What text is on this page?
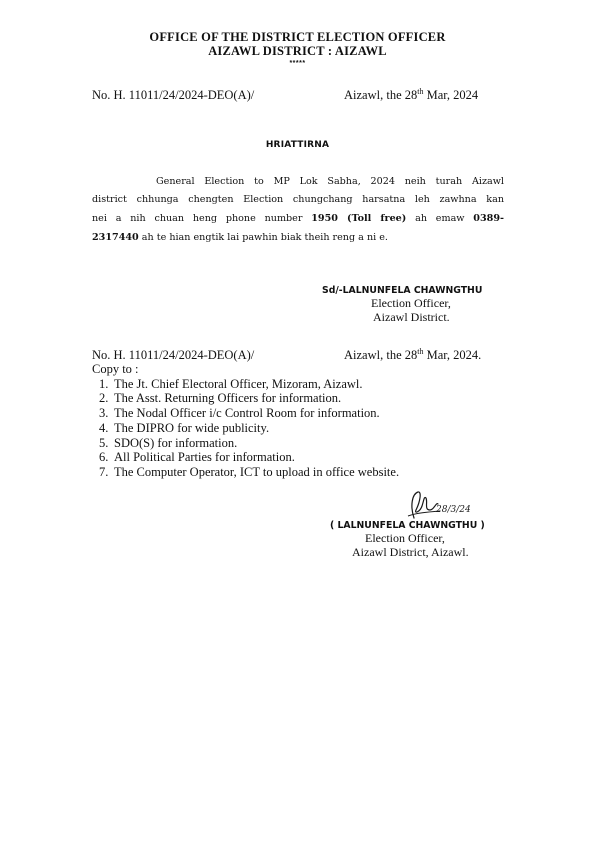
OFFICE OF THE DISTRICT ELECTION OFFICER
AIZAWL DISTRICT : AIZAWL
*****
No. H. 11011/24/2024-DEO(A)/	Aizawl, the 28th Mar, 2024
HRIATTIRNA
General Election to MP Lok Sabha, 2024 neih turah Aizawl
district chhunga chengten Election chungchang harsatna leh zawhna kan
nei a nih chuan heng phone number 1950 (Toll free) ah emaw 0389-
2317440 ah te hian engtik lai pawhin biak theih reng a ni e.
Sd/-LALNUNFELA CHAWNGTHU
Election Officer,
Aizawl District.
No. H. 11011/24/2024-DEO(A)/	Aizawl, the 28th Mar, 2024.
Copy to :
1. The Jt. Chief Electoral Officer, Mizoram, Aizawl.
2. The Asst. Returning Officers for information.
3. The Nodal Officer i/c Control Room for information.
4. The DIPRO for wide publicity.
5. SDO(S) for information.
6. All Political Parties for information.
7. The Computer Operator, ICT to upload in office website.
28/3/24
( LALNUNFELA CHAWNGTHU )
Election Officer,
Aizawl District, Aizawl.
